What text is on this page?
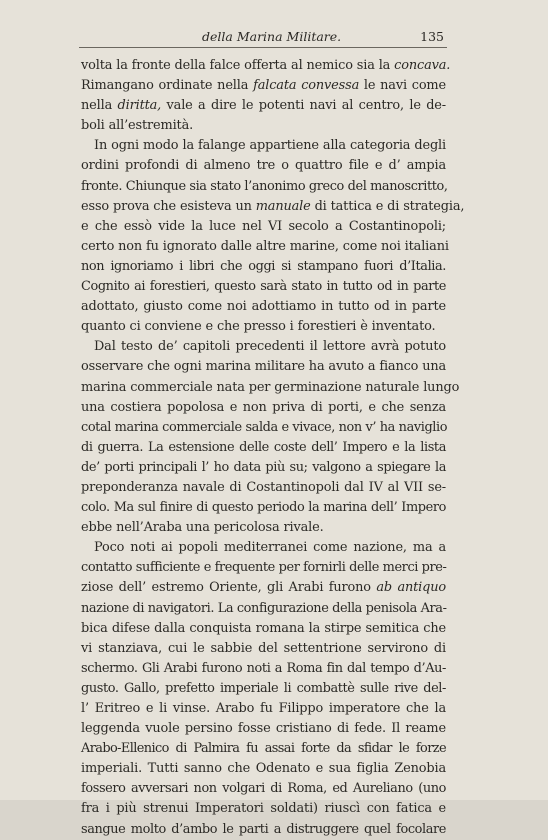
della Marina Militare.	135
volta la fronte della falce offerta al nemico sia la concava.
Rimangano ordinate nella falcata convessa le navi come
nella diritta, vale a dire le potenti navi al centro, le de-
boli all’estremità.
In ogni modo la falange appartiene alla categoria degli
ordini profondi di almeno tre o quattro file e d’ ampia
fronte. Chiunque sia stato l’anonimo greco del manoscritto,
esso prova che esisteva un manuale di tattica e di strategia,
e che essò vide la luce nel VI secolo a Costantinopoli;
certo non fu ignorato dalle altre marine, come noi italiani
non ignoriamo i libri che oggi si stampano fuori d’Italia.
Cognito ai forestieri, questo sarà stato in tutto od in parte
adottato, giusto come noi adottiamo in tutto od in parte
quanto ci conviene e che presso i forestieri è inventato.
Dal testo de’ capitoli precedenti il lettore avrà potuto
osservare che ogni marina militare ha avuto a fianco una
marina commerciale nata per germinazione naturale lungo
una costiera popolosa e non priva di porti, e che senza
cotal marina commerciale salda e vivace, non v’ ha naviglio
di guerra. La estensione delle coste dell’ Impero e la lista
de’ porti principali l’ ho data più su; valgono a spiegare la
preponderanza navale di Costantinopoli dal IV al VII se-
colo. Ma sul finire di questo periodo la marina dell’ Impero
ebbe nell’Araba una pericolosa rivale.
Poco noti ai popoli mediterranei come nazione, ma a
contatto sufficiente e frequente per fornirli delle merci pre-
ziose dell’ estremo Oriente, gli Arabi furono ab antiquo
nazione di navigatori. La configurazione della penisola Ara-
bica difese dalla conquista romana la stirpe semitica che
vi stanziava, cui le sabbie del settentrione servirono di
schermo. Gli Arabi furono noti a Roma fin dal tempo d’Au-
gusto. Gallo, prefetto imperiale li combattè sulle rive del-
l’ Eritreo e li vinse. Arabo fu Filippo imperatore che la
leggenda vuole persino fosse cristiano di fede. Il reame
Arabo-Ellenico di Palmira fu assai forte da sfidar le forze
imperiali. Tutti sanno che Odenato e sua figlia Zenobia
fossero avversari non volgari di Roma, ed Aureliano (uno
fra i più strenui Imperatori soldati) riuscì con fatica e
sangue molto d’ambo le parti a distruggere quel focolare
